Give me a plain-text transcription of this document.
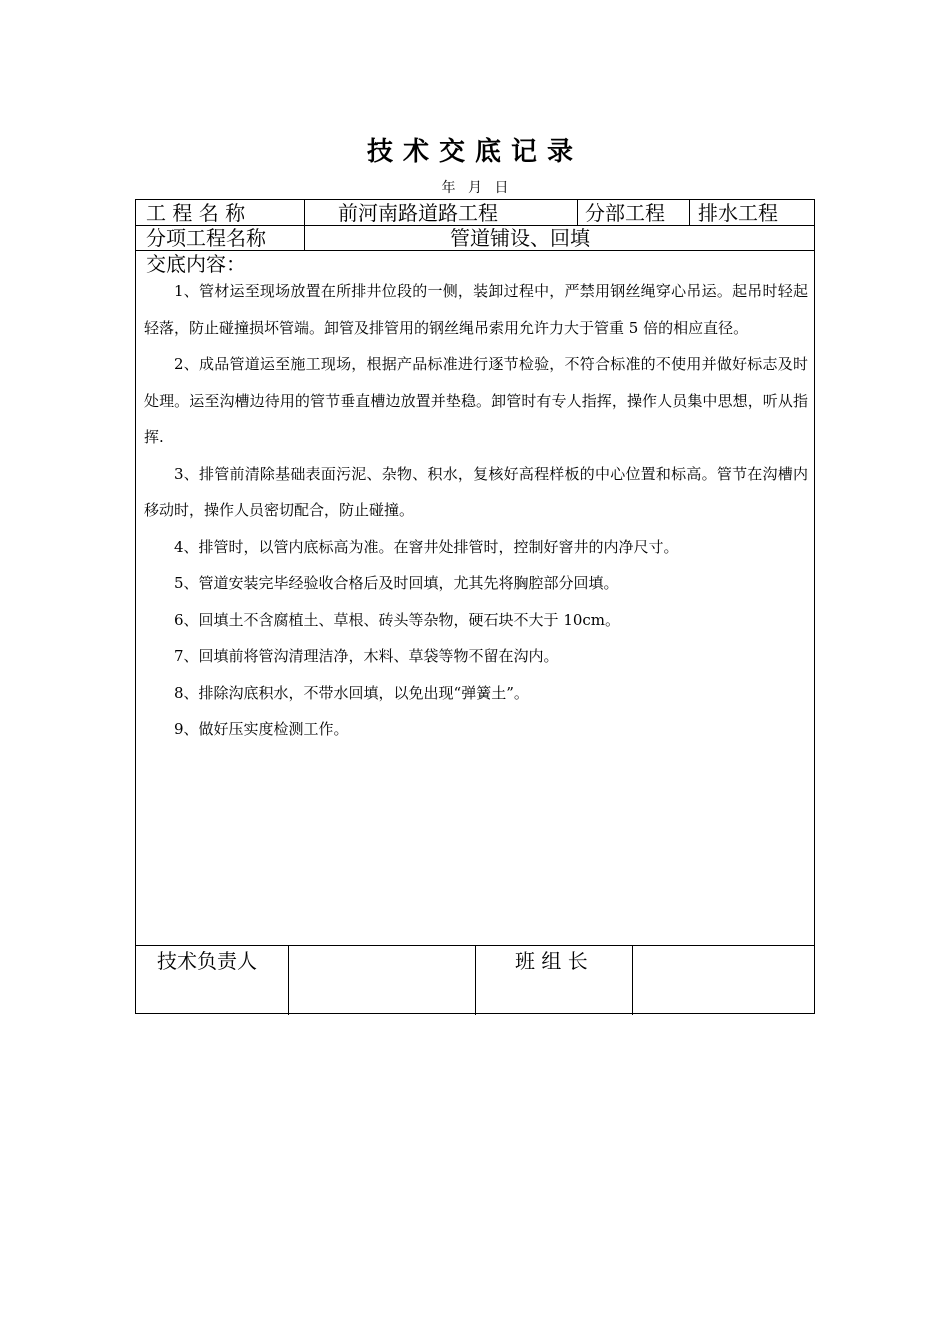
技术交底记录
年 月 日
工 程 名 称	前河南路道路工程	分部工程 排水工程
分项工程名称	管道铺设、回填
交底内容：

1、管材运至现场放置在所排井位段的一侧，装卸过程中，严禁用钢丝绳穿心吊运。起吊时轻起轻落，防止碰撞损坏管端。卸管及排管用的钢丝绳吊索用允许力大于管重 5 倍的相应直径。

2、成品管道运至施工现场，根据产品标准进行逐节检验，不符合标准的不使用并做好标志及时处理。运至沟槽边待用的管节垂直槽边放置并垫稳。卸管时有专人指挥，操作人员集中思想，听从指挥.

3、排管前清除基础表面污泥、杂物、积水，复核好高程样板的中心位置和标高。管节在沟槽内移动时，操作人员密切配合，防止碰撞。

4、排管时，以管内底标高为准。在窨井处排管时，控制好窨井的内净尺寸。

5、管道安装完毕经验收合格后及时回填，尤其先将胸腔部分回填。

6、回填土不含腐植土、草根、砖头等杂物，硬石块不大于 10cm。

7、回填前将管沟清理洁净，木料、草袋等物不留在沟内。

8、排除沟底积水，不带水回填，以免出现“弹簧土”。

9、做好压实度检测工作。

技术负责人	班 组 长
